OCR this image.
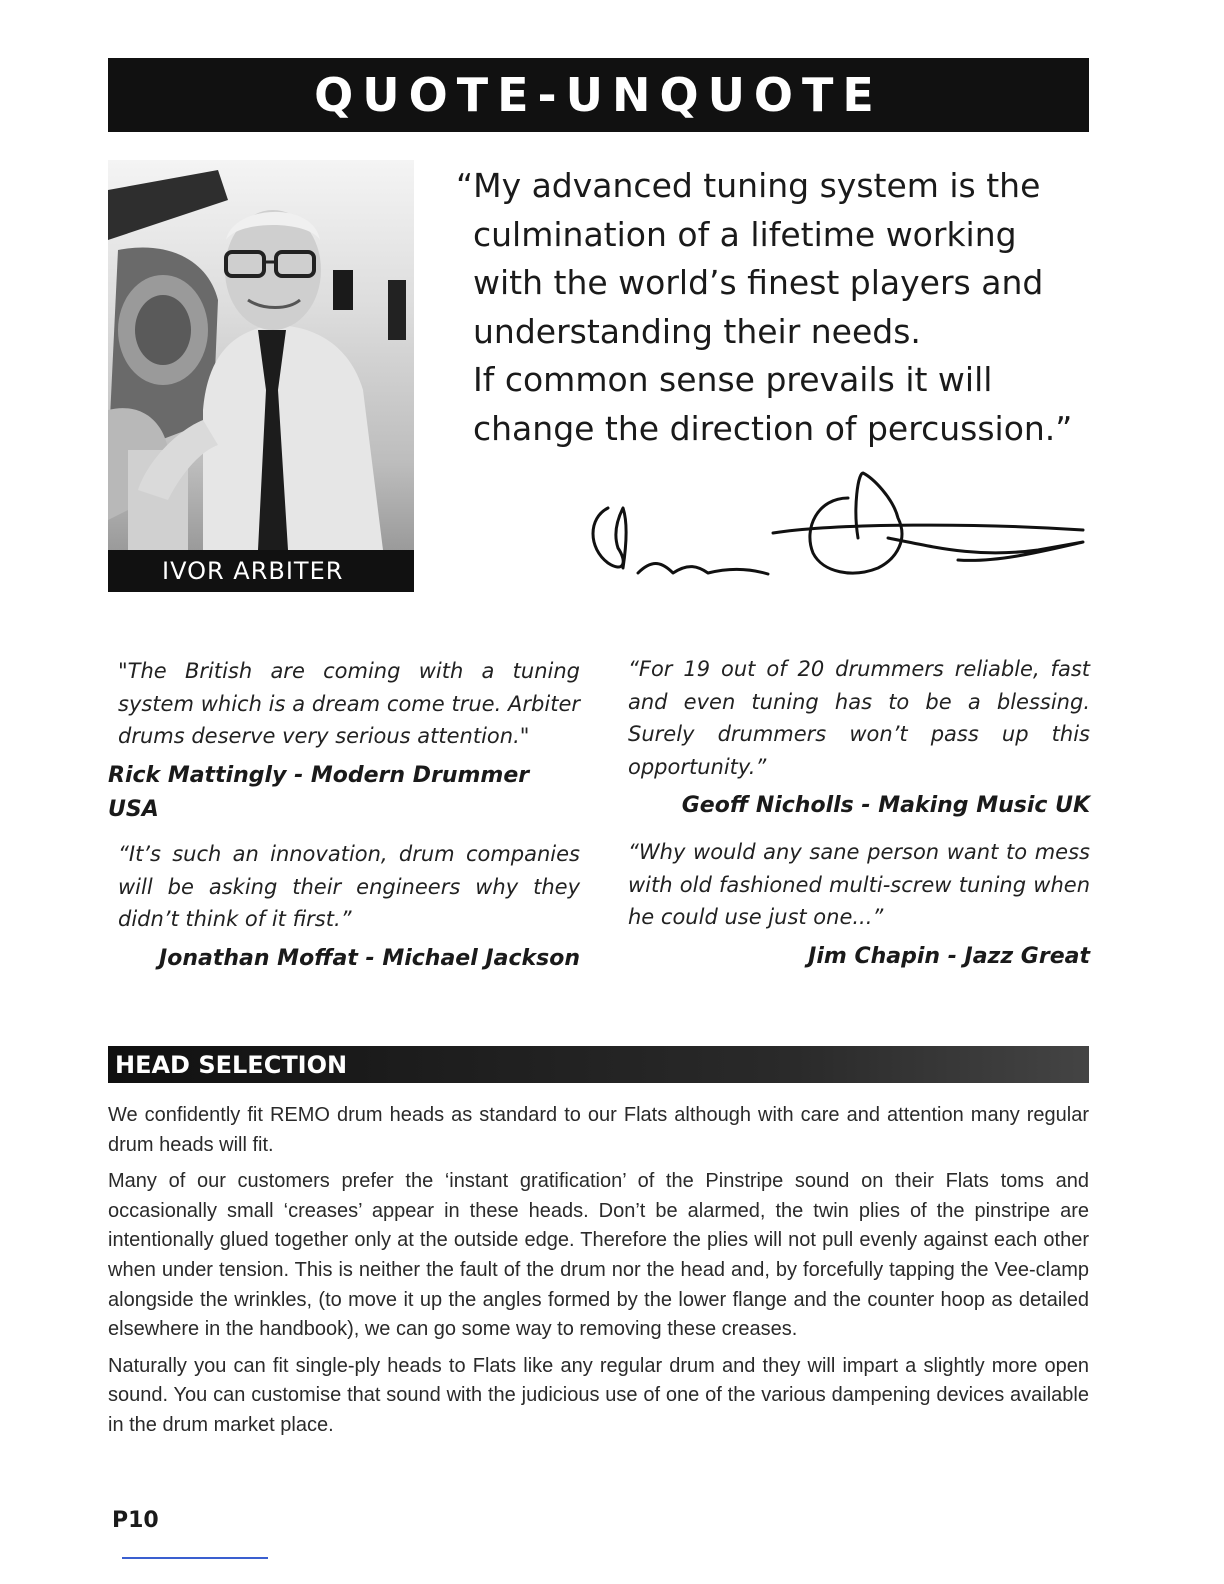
QUOTE-UNQUOTE
IVOR ARBITER
“My advanced tuning system is the
culmination of a lifetime working
with the world’s finest players and
understanding their needs.
If common sense prevails it will
change the direction of percussion.”
"The British are coming with a tuning system which is a dream come true. Arbiter drums deserve very serious attention."
Rick Mattingly - Modern Drummer USA
“For 19 out of 20 drummers reliable, fast and even tuning has to be a blessing. Surely drummers won’t pass up this opportunity.”
Geoff Nicholls - Making Music UK
“It’s such an innovation, drum companies will be asking their engineers why they didn’t think of it first.”
Jonathan Moffat - Michael Jackson
“Why would any sane person want to mess with old fashioned multi-screw tuning when he could use just one...”
Jim Chapin - Jazz Great
HEAD SELECTION

We confidently fit REMO drum heads as standard to our Flats although with care and attention many regular drum heads will fit.

Many of our customers prefer the ‘instant gratification’ of the Pinstripe sound on their Flats toms and occasionally small ‘creases’ appear in these heads. Don’t be alarmed, the twin plies of the pinstripe are intentionally glued together only at the outside edge. Therefore the plies will not pull evenly against each other when under tension. This is neither the fault of the drum nor the head and, by forcefully tapping the Vee-clamp alongside the wrinkles, (to move it up the angles formed by the lower flange and the counter hoop as detailed elsewhere in the handbook), we can go some way to removing these creases.

Naturally you can fit single-ply heads to Flats like any regular drum and they will impart a slightly more open sound. You can customise that sound with the judicious use of one of the various dampening devices available in the drum market place.

P10
